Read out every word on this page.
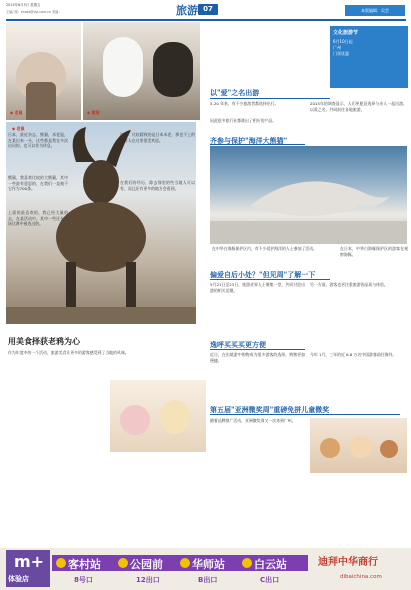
2015年6月5日 星期五
主编/ 邮：ensea@vip.com.cn 美编：	旅游 07	本版编辑：吴芸
◆ 老鼠	◆ 熊猫
◆ 老鼠
日本，最近杂志，熊猫，米老鼠，在某出来一头，这些都是我在多次访问的，也可以作为休息。
熊猫，我喜欢比较的大熊猫，其中一些最有意思的，在我们一直被不它作为700条。
上面的最喜欢的，我已经大量的去，在某活动中，其中一些还在一场比赛中被选过的。
读者：比较精致的是日本米老，那也不上的的有人在这里很受欢迎。
在我们的经历，除去那里的些当地人可以有，而且还有更多的地方会看到。
文化旅游节
6月10日起
广州
门票优惠
以"爱"之名出游
5-20 年来，有不少旅游者都选择出行。	2015年的调查显示，人们更愿意选择与亲人一起出游，以爱之名，共同前往各地旅游。
因此很多旅行社都推出了相应的产品。
齐参与保护"海洋大熊猫"
在中华白海豚保护区内，有不少爱护海洋的人士参加了活动。	在日本，中华白海豚保护区的游客在观察海豚。
偏爱自后小处？"但见周"了解一下
5月21日至23日，旅游业界人士聚集一堂，共同讨论出游的相关话题。
另一方面，游客也更注重旅游的品质与体验。
逸呼买买买更方便
近日，在出境游中购物成为很多游客的选择，购物更加便捷。
今年 1月，三年的近 8.8 万名中国游客前往海外。
第五届"亚洲微奖周"重磅免拼儿童微奖
随着品牌推广活动，亚洲微奖周又一次来到广州。
用美食择获老鸦为心
作为年度中的一个活动，旅游美食让更多的游客感受到了当地的风味。
m+
体验店
客村站
8号口
公园前
12出口
华师站
B出口
白云站
C出口
迪拜中华商行
dibaichina.com
